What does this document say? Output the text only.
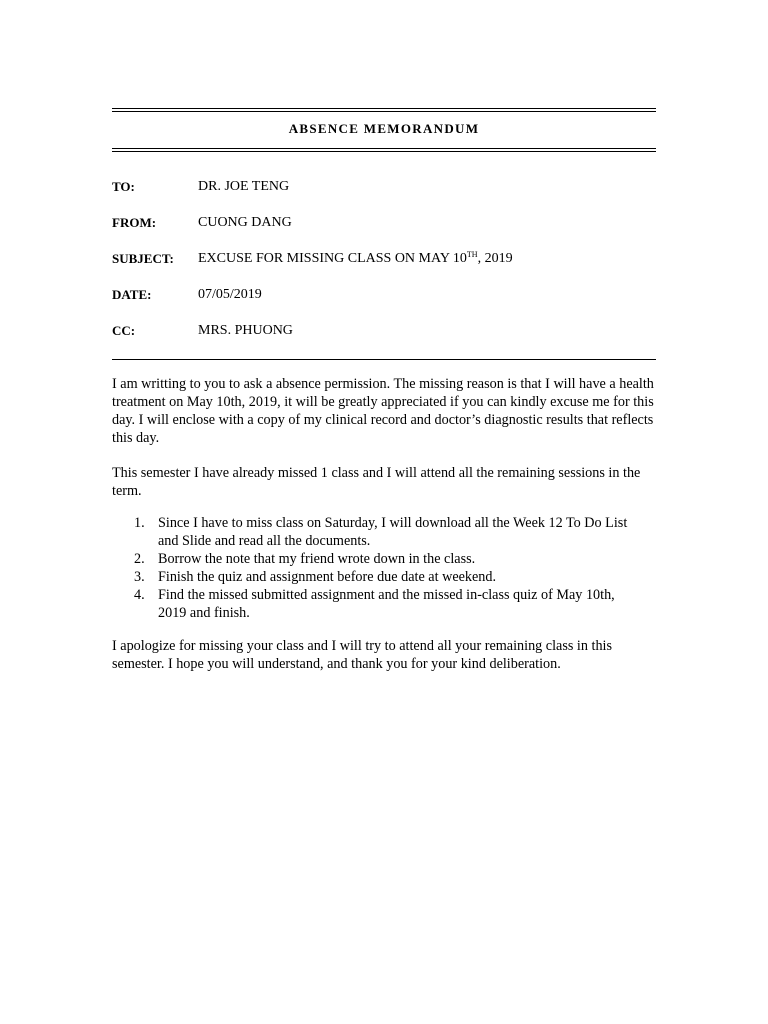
ABSENCE MEMORANDUM
TO:	DR. JOE TENG
FROM:	CUONG DANG
SUBJECT: EXCUSE FOR MISSING CLASS ON MAY 10TH, 2019
DATE:	07/05/2019
CC:	MRS. PHUONG
I am writting to you to ask a absence permission. The missing reason is that I will have a health treatment on May 10th, 2019, it will be greatly appreciated if you can kindly excuse me for this day. I will enclose with a copy of my clinical record and doctor’s diagnostic results that reflects this day.
This semester I have already missed 1 class and I will attend all the remaining sessions in the term.
1. Since I have to miss class on Saturday, I will download all the Week 12 To Do List and Slide and read all the documents.
2. Borrow the note that my friend wrote down in the class.
3. Finish the quiz and assignment before due date at weekend.
4. Find the missed submitted assignment and the missed in-class quiz of May 10th, 2019 and finish.
I apologize for missing your class and I will try to attend all your remaining class in this semester. I hope you will understand, and thank you for your kind deliberation.
